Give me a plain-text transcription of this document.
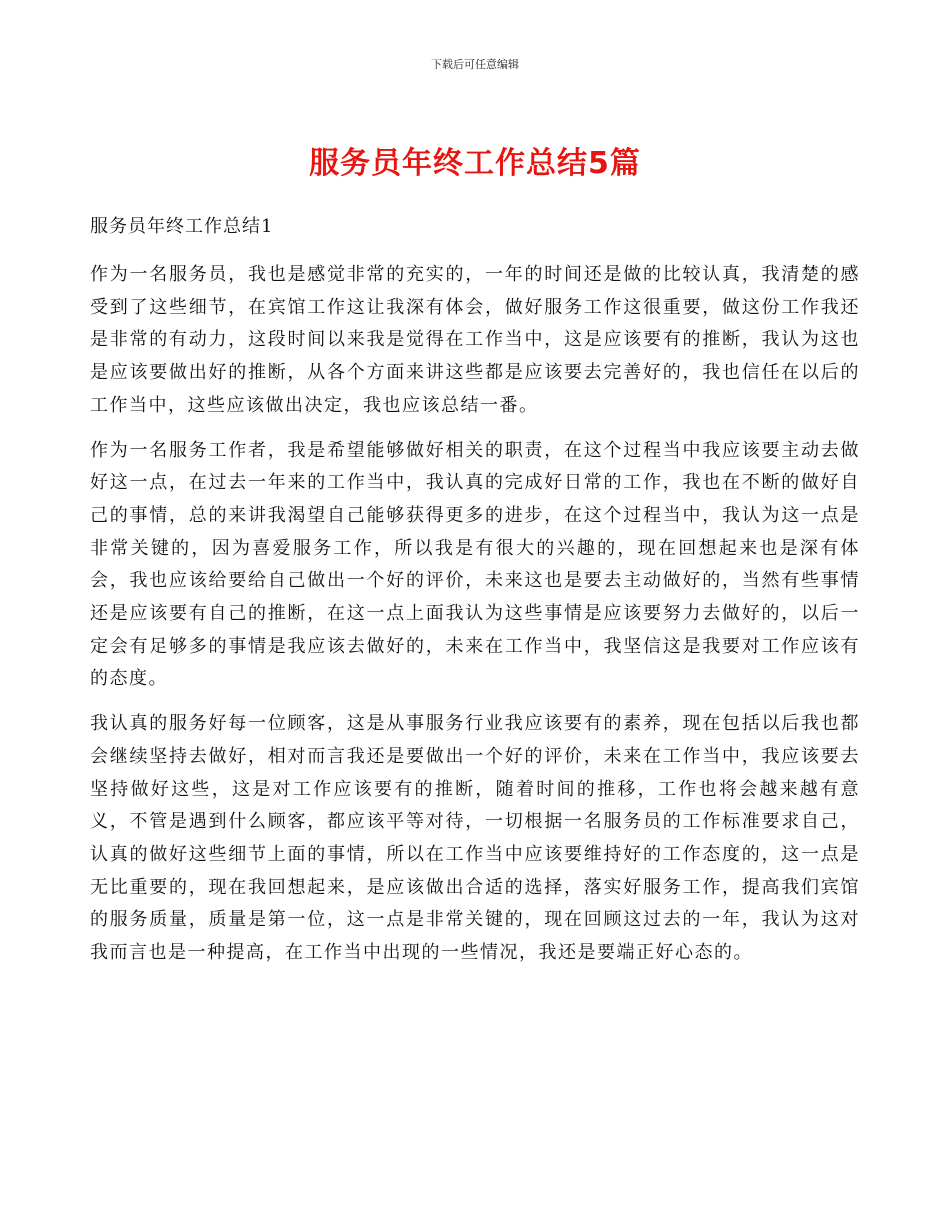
下载后可任意编辑
服务员年终工作总结5篇

服务员年终工作总结1

作为一名服务员，我也是感觉非常的充实的，一年的时间还是做的比较认真，我清楚的感受到了这些细节，在宾馆工作这让我深有体会，做好服务工作这很重要，做这份工作我还是非常的有动力，这段时间以来我是觉得在工作当中，这是应该要有的推断，我认为这也是应该要做出好的推断，从各个方面来讲这些都是应该要去完善好的，我也信任在以后的工作当中，这些应该做出决定，我也应该总结一番。

作为一名服务工作者，我是希望能够做好相关的职责，在这个过程当中我应该要主动去做好这一点，在过去一年来的工作当中，我认真的完成好日常的工作，我也在不断的做好自己的事情，总的来讲我渴望自己能够获得更多的进步，在这个过程当中，我认为这一点是非常关键的，因为喜爱服务工作，所以我是有很大的兴趣的，现在回想起来也是深有体会，我也应该给要给自己做出一个好的评价，未来这也是要去主动做好的，当然有些事情还是应该要有自己的推断，在这一点上面我认为这些事情是应该要努力去做好的，以后一定会有足够多的事情是我应该去做好的，未来在工作当中，我坚信这是我要对工作应该有的态度。

我认真的服务好每一位顾客，这是从事服务行业我应该要有的素养，现在包括以后我也都会继续坚持去做好，相对而言我还是要做出一个好的评价，未来在工作当中，我应该要去坚持做好这些，这是对工作应该要有的推断，随着时间的推移，工作也将会越来越有意义，不管是遇到什么顾客，都应该平等对待，一切根据一名服务员的工作标准要求自己，认真的做好这些细节上面的事情，所以在工作当中应该要维持好的工作态度的，这一点是无比重要的，现在我回想起来，是应该做出合适的选择，落实好服务工作，提高我们宾馆的服务质量，质量是第一位，这一点是非常关键的，现在回顾这过去的一年，我认为这对我而言也是一种提高，在工作当中出现的一些情况，我还是要端正好心态的。
